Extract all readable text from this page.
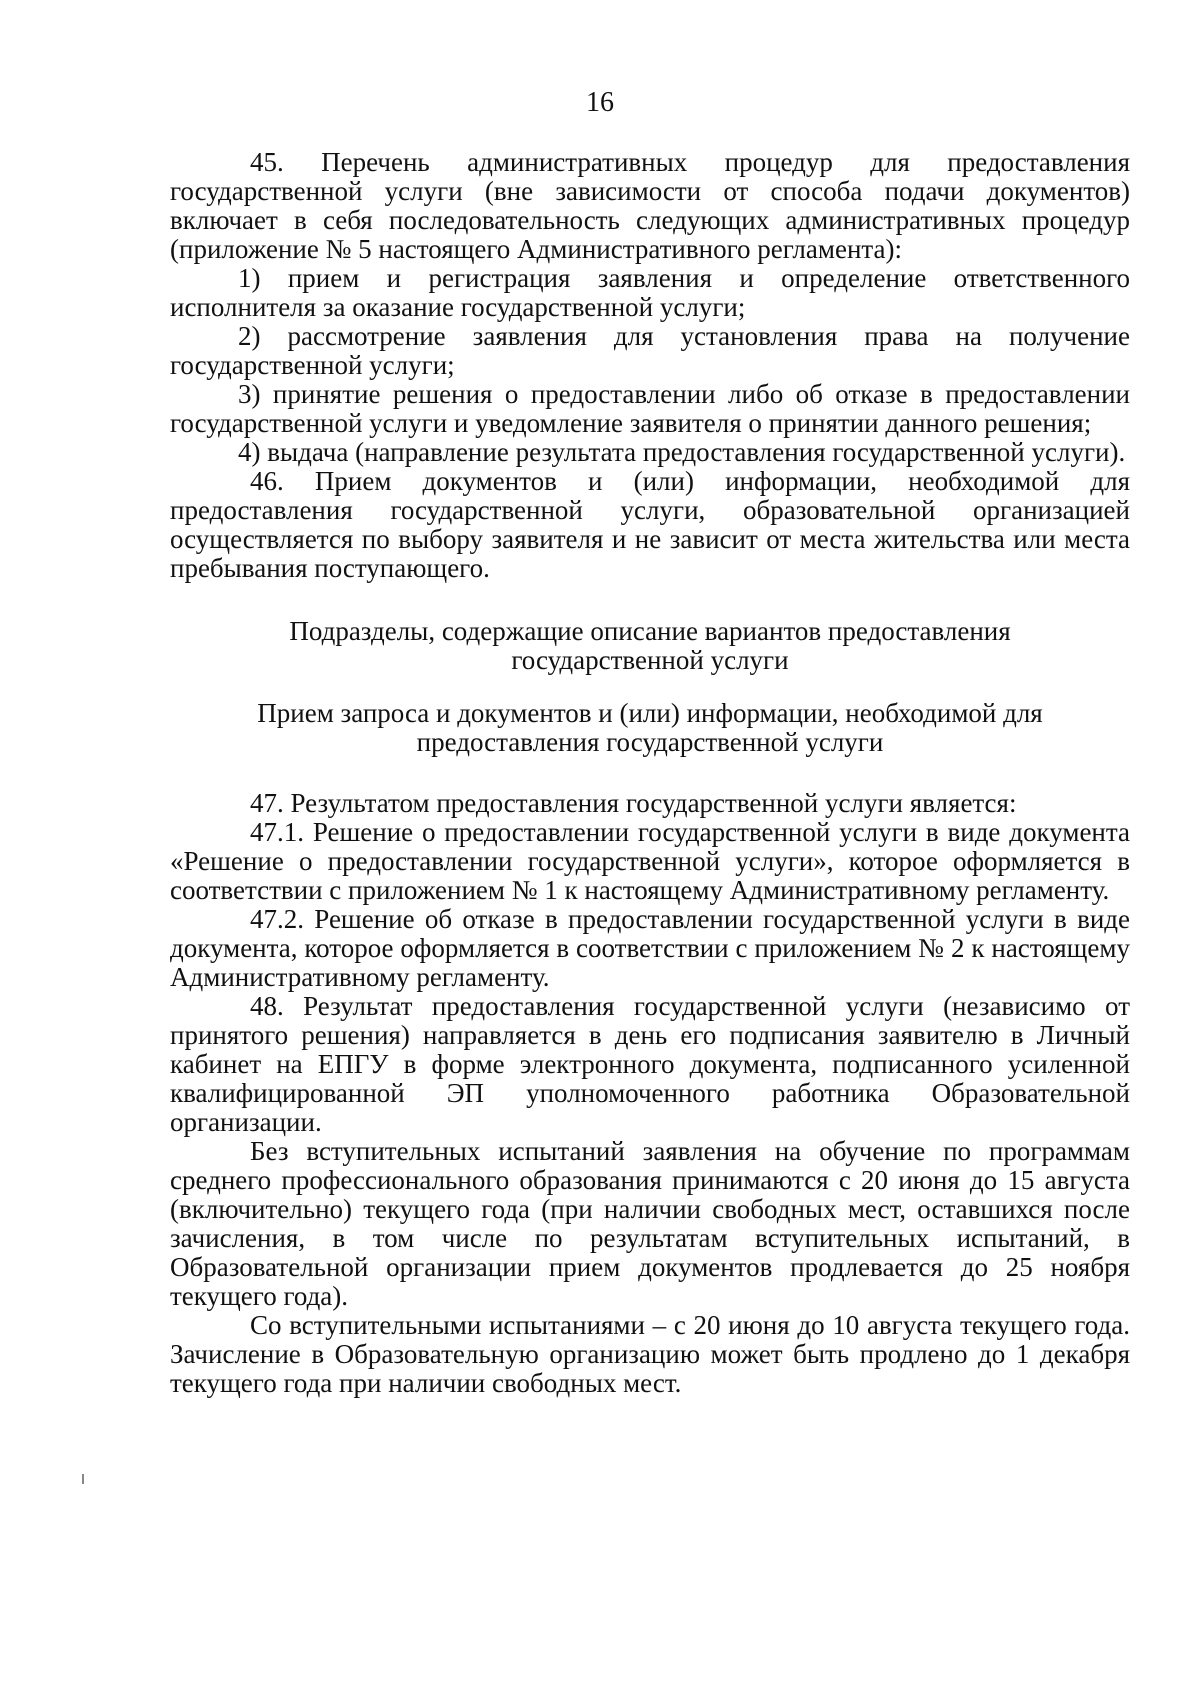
16

45. Перечень административных процедур для предоставления государственной услуги (вне зависимости от способа подачи документов) включает в себя последовательность следующих административных процедур (приложение № 5 настоящего Административного регламента):

1) прием и регистрация заявления и определение ответственного исполнителя за оказание государственной услуги;

2) рассмотрение заявления для установления права на получение государственной услуги;

3) принятие решения о предоставлении либо об отказе в предоставлении государственной услуги и уведомление заявителя о принятии данного решения;

4) выдача (направление результата предоставления государственной услуги).

46. Прием документов и (или) информации, необходимой для предоставления государственной услуги, образовательной организацией осуществляется по выбору заявителя и не зависит от места жительства или места пребывания поступающего.

Подразделы, содержащие описание вариантов предоставления государственной услуги

Прием запроса и документов и (или) информации, необходимой для предоставления государственной услуги

47. Результатом предоставления государственной услуги является:

47.1. Решение о предоставлении государственной услуги в виде документа «Решение о предоставлении государственной услуги», которое оформляется в соответствии с приложением № 1 к настоящему Административному регламенту.

47.2. Решение об отказе в предоставлении государственной услуги в виде документа, которое оформляется в соответствии с приложением № 2 к настоящему Административному регламенту.

48. Результат предоставления государственной услуги (независимо от принятого решения) направляется в день его подписания заявителю в Личный кабинет на ЕПГУ в форме электронного документа, подписанного усиленной квалифицированной ЭП уполномоченного работника Образовательной организации.

Без вступительных испытаний заявления на обучение по программам среднего профессионального образования принимаются с 20 июня до 15 августа (включительно) текущего года (при наличии свободных мест, оставшихся после зачисления, в том числе по результатам вступительных испытаний, в Образовательной организации прием документов продлевается до 25 ноября текущего года).

Со вступительными испытаниями – с 20 июня до 10 августа текущего года. Зачисление в Образовательную организацию может быть продлено до 1 декабря текущего года при наличии свободных мест.
